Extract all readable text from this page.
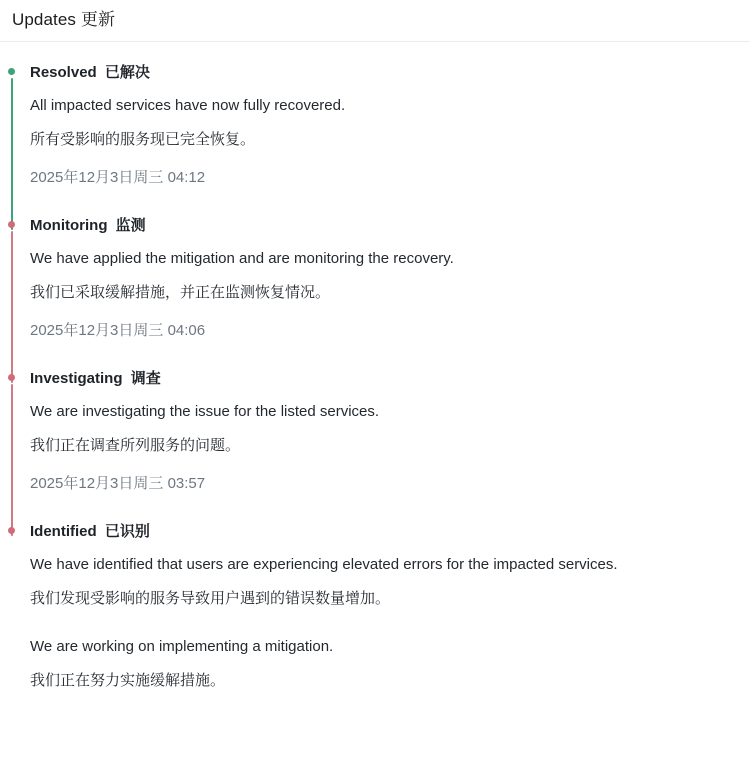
Updates 更新
Resolved 已解决
All impacted services have now fully recovered.
所有受影响的服务现已完全恢复。
2025年12月3日周三 04:12
Monitoring 监测
We have applied the mitigation and are monitoring the recovery.
我们已采取缓解措施，并正在监测恢复情况。
2025年12月3日周三 04:06
Investigating 调查
We are investigating the issue for the listed services.
我们正在调查所列服务的问题。
2025年12月3日周三 03:57
Identified 已识别
We have identified that users are experiencing elevated errors for the impacted services.
我们发现受影响的服务导致用户遇到的错误数量增加。
We are working on implementing a mitigation.
我们正在努力实施缓解措施。
